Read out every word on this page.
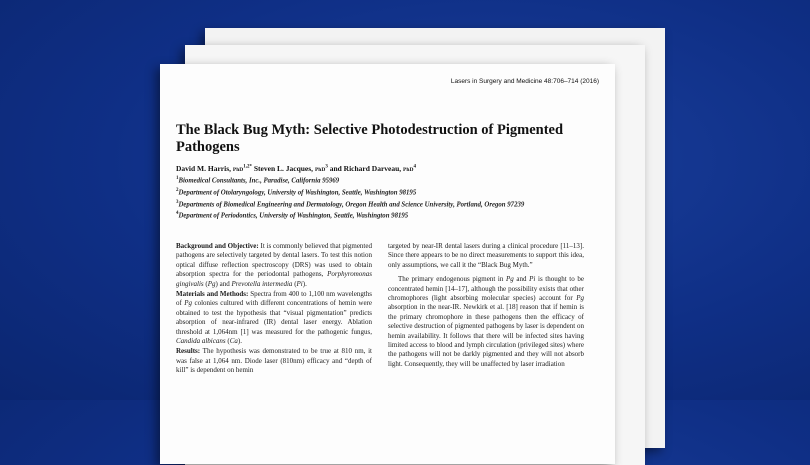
Lasers in Surgery and Medicine 48:706–714 (2016)
The Black Bug Myth: Selective Photodestruction of Pigmented Pathogens
David M. Harris, PhD$^{1,2*}$ Steven L. Jacques, PhD$^3$ and Richard Darveau, PhD$^4$
$^1$Biomedical Consultants, Inc., Paradise, California 95969
$^2$Department of Otolaryngology, University of Washington, Seattle, Washington 98195
$^3$Departments of Biomedical Engineering and Dermatology, Oregon Health and Science University, Portland, Oregon 97239
$^4$Department of Periodontics, University of Washington, Seattle, Washington 98195

Background and Objective: It is commonly believed that pigmented pathogens are selectively targeted by dental lasers. To test this notion optical diffuse reflection spectroscopy (DRS) was used to obtain absorption spectra for the periodontal pathogens, Porphyromonas gingivalis (Pg) and Prevotella intermedia (Pi).

Materials and Methods: Spectra from 400 to 1,100 nm wavelengths of Pg colonies cultured with different concentrations of hemin were obtained to test the hypothesis that “visual pigmentation” predicts absorption of near-infrared (IR) dental laser energy. Ablation threshold at 1,064nm [1] was measured for the pathogenic fungus, Candida albicans (Ca).

Results: The hypothesis was demonstrated to be true at 810 nm, it was false at 1,064 nm. Diode laser (810nm) efficacy and “depth of kill” is dependent on hemin

targeted by near-IR dental lasers during a clinical procedure [11–13]. Since there appears to be no direct measurements to support this idea, only assumptions, we call it the “Black Bug Myth.”

The primary endogenous pigment in Pg and Pi is thought to be concentrated hemin [14–17], although the possibility exists that other chromophores (light absorbing molecular species) account for Pg absorption in the near-IR. Newkirk et al. [18] reason that if hemin is the primary chromophore in these pathogens then the efficacy of selective destruction of pigmented pathogens by laser is dependent on hemin availability. It follows that there will be infected sites having limited access to blood and lymph circulation (privileged sites) where the pathogens will not be darkly pigmented and they will not absorb light. Consequently, they will be unaffected by laser irradiation
